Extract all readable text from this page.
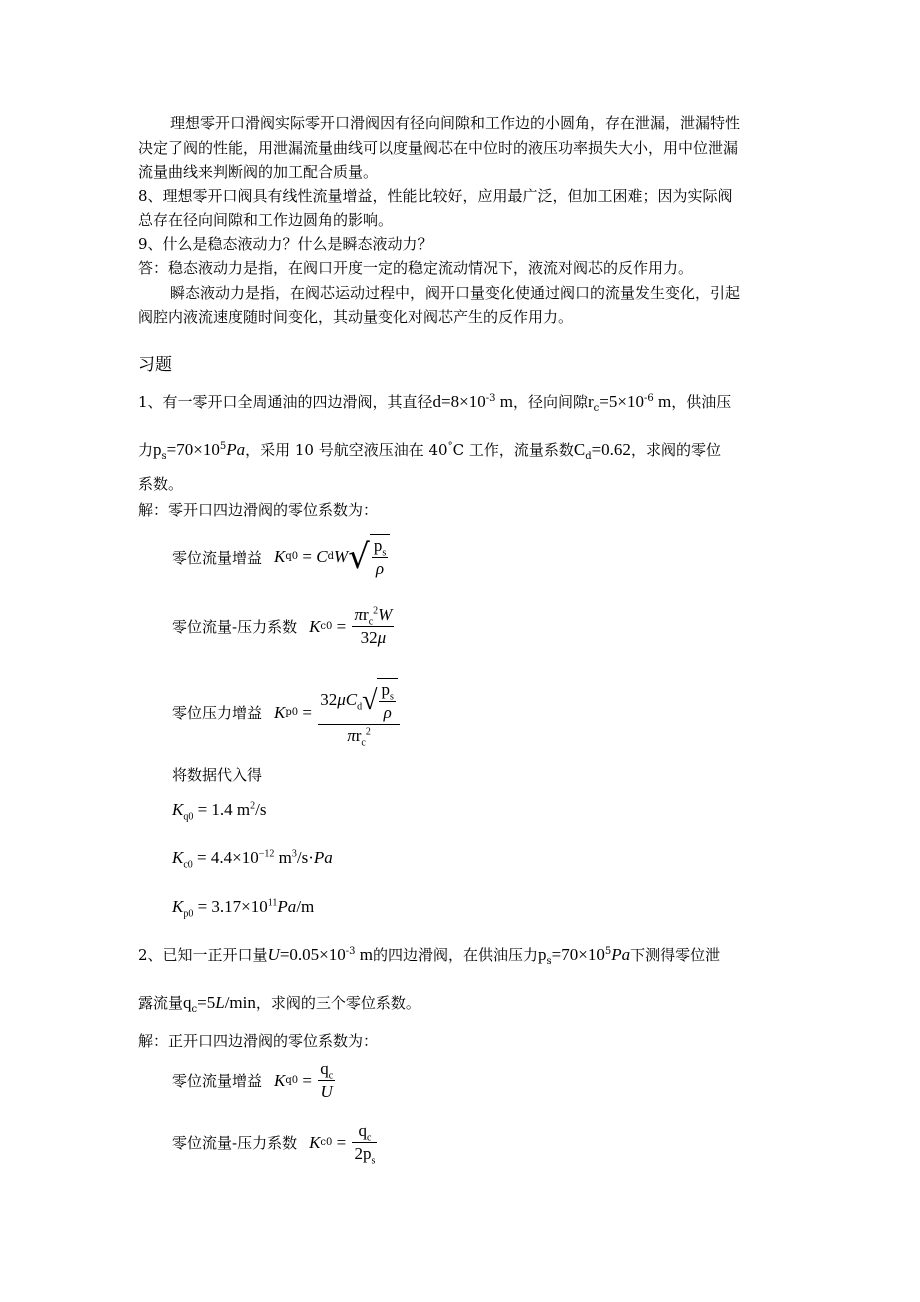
理想零开口滑阀实际零开口滑阀因有径向间隙和工作边的小圆角，存在泄漏，泄漏特性
决定了阀的性能，用泄漏流量曲线可以度量阀芯在中位时的液压功率损失大小，用中位泄漏
流量曲线来判断阀的加工配合质量。
8、理想零开口阀具有线性流量增益，性能比较好，应用最广泛，但加工困难；因为实际阀
总存在径向间隙和工作边圆角的影响。
9、什么是稳态液动力？什么是瞬态液动力？
答：稳态液动力是指，在阀口开度一定的稳定流动情况下，液流对阀芯的反作用力。
瞬态液动力是指，在阀芯运动过程中，阀开口量变化使通过阀口的流量发生变化，引起
阀腔内液流速度随时间变化，其动量变化对阀芯产生的反作用力。
习题
1、有一零开口全周通油的四边滑阀，其直径$d=8\times 10^{-3}$ m，径向间隙$r_c=5\times 10^{-6}$ m，供油压
力$p_s=70\times 10^5Pa$，采用 10 号航空液压油在 40°C 工作，流量系数$C_d=0.62$，求阀的零位
系数。
解：零开口四边滑阀的零位系数为：
零位流量增益 K q0 = C d W √ $\frac{p_s}{\rho}$
零位流量-压力系数 K $c0 = \frac{\pi r_c^2W}{32\mu}$
零位压力增益 K $p0 = \frac{32\mu C_d√ \frac{p_s}{\rho}}{\pi r_c^2}$
将数据代入得
$K_{q0} = 1.4$ $m^2/s$
$K_{c0} = 4.4\times 10^{-12}$ $m^3/s\cdot Pa$
$K_{p0} = 3.17\times 10^{11}Pa/m$
2、已知一正开口量$U=0.05\times 10^{-3}$ m的四边滑阀，在供油压力$p_s=70\times 10^5Pa$下测得零位泄
露流量$q_c=5L/\min$，求阀的三个零位系数。
解：正开口四边滑阀的零位系数为：
零位流量增益 K $q0 = \frac{q_c}{U}$
零位流量-压力系数 K $c0 = \frac{q_c}{2p_s}$
